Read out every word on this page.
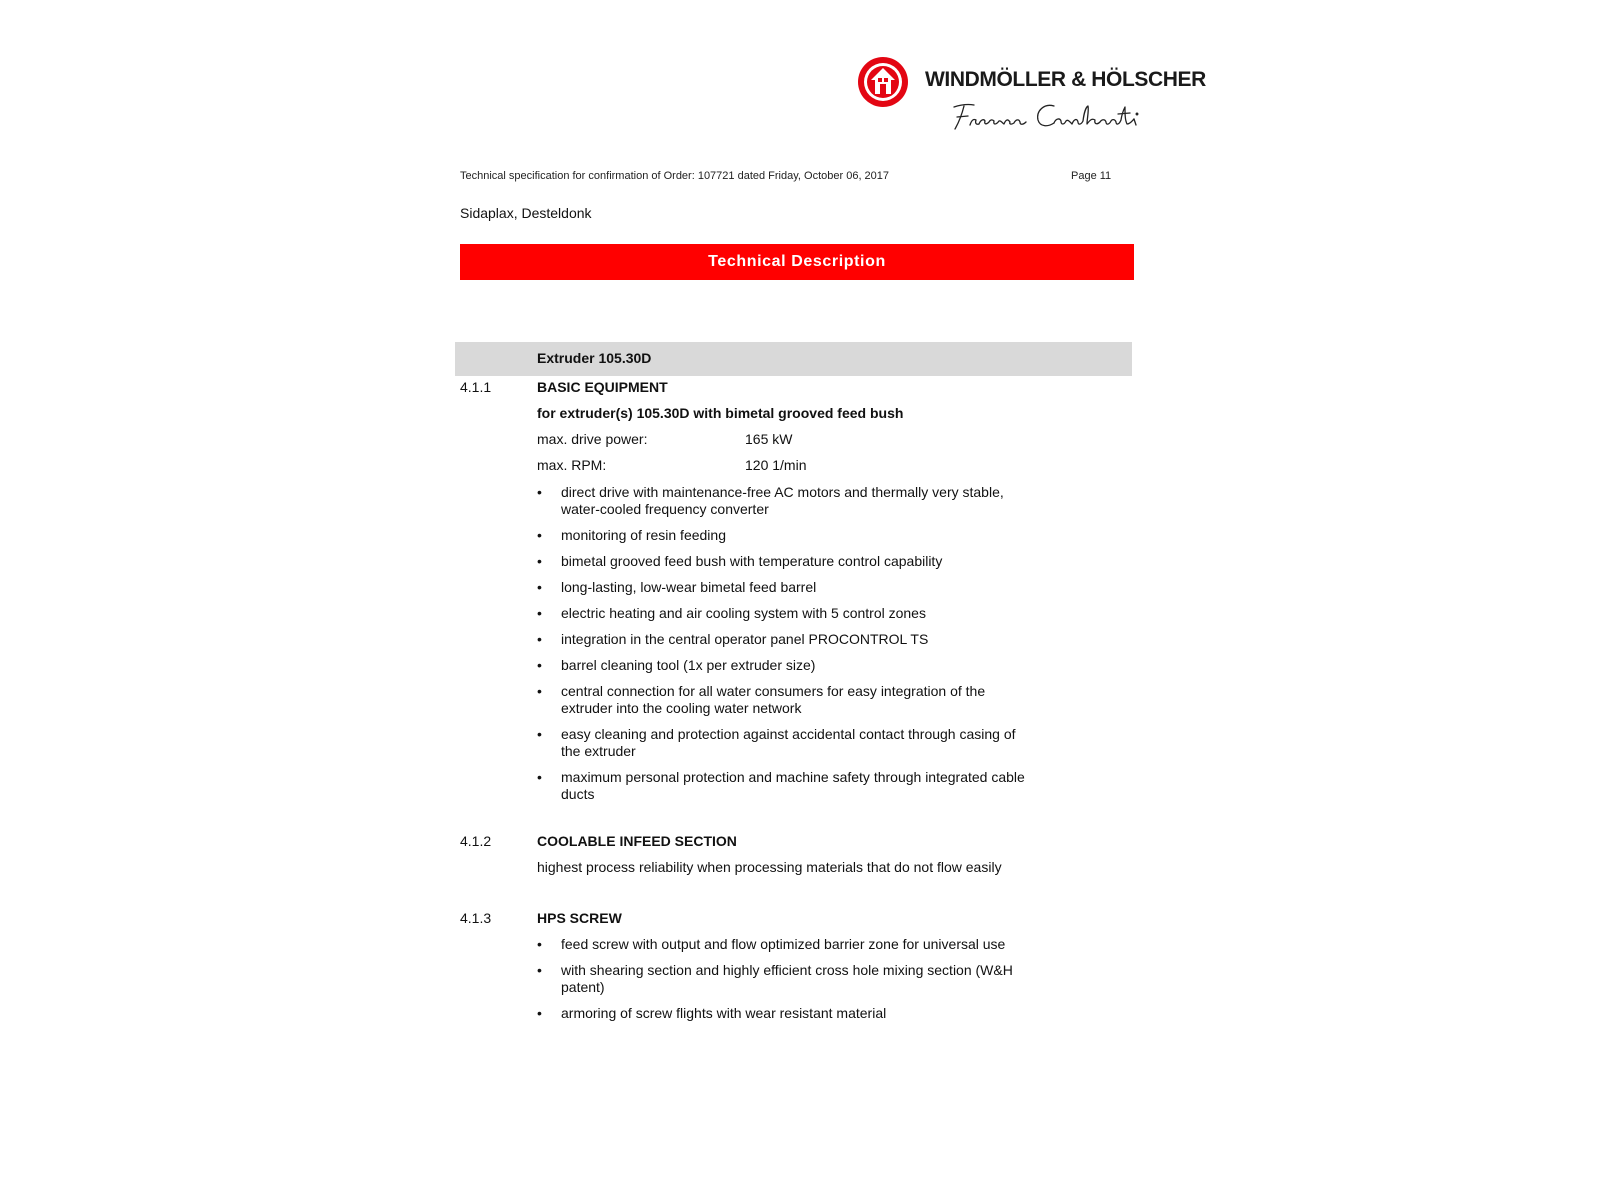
WINDMÖLLER & HÖLSCHER
Technical specification for confirmation of Order: 107721 dated Friday, October 06, 2017	Page 11
Sidaplax, Desteldonk
Technical Description
Extruder 105.30D
4.1.1	BASIC EQUIPMENT
for extruder(s) 105.30D with bimetal grooved feed bush
max. drive power:	165 kW
max. RPM:	120 1/min
• direct drive with maintenance-free AC motors and thermally very stable, water-cooled frequency converter
• monitoring of resin feeding
• bimetal grooved feed bush with temperature control capability
• long-lasting, low-wear bimetal feed barrel
• electric heating and air cooling system with 5 control zones
• integration in the central operator panel PROCONTROL TS
• barrel cleaning tool (1x per extruder size)
• central connection for all water consumers for easy integration of the extruder into the cooling water network
• easy cleaning and protection against accidental contact through casing of the extruder
• maximum personal protection and machine safety through integrated cable ducts
4.1.2	COOLABLE INFEED SECTION
highest process reliability when processing materials that do not flow easily
4.1.3	HPS SCREW
• feed screw with output and flow optimized barrier zone for universal use
• with shearing section and highly efficient cross hole mixing section (W&H patent)
• armoring of screw flights with wear resistant material
